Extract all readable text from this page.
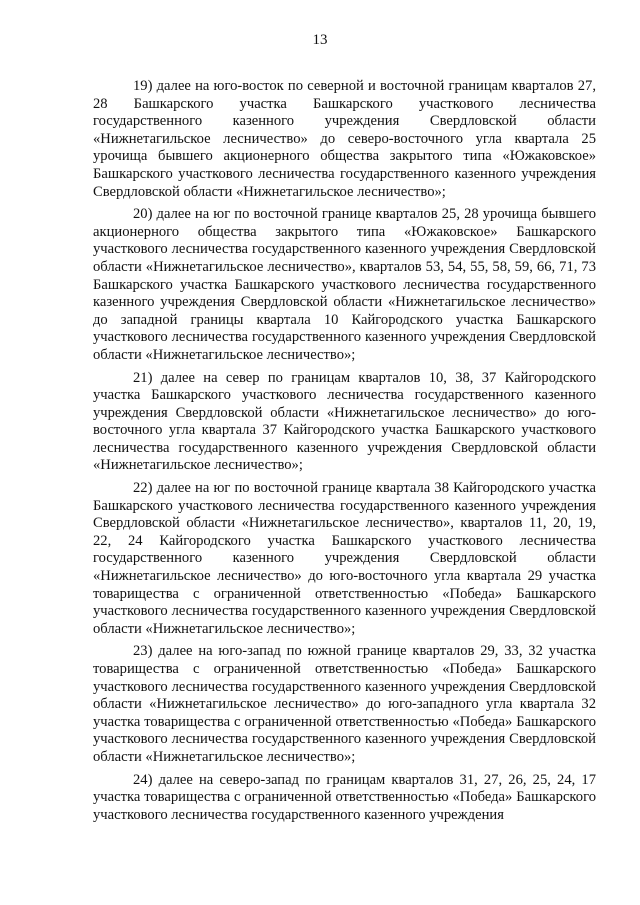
13

19) далее на юго-восток по северной и восточной границам кварталов 27, 28 Башкарского участка Башкарского участкового лесничества государственного казенного учреждения Свердловской области «Нижнетагильское лесничество» до северо-восточного угла квартала 25 урочища бывшего акционерного общества закрытого типа «Южаковское» Башкарского участкового лесничества государственного казенного учреждения Свердловской области «Нижнетагильское лесничество»;

20) далее на юг по восточной границе кварталов 25, 28 урочища бывшего акционерного общества закрытого типа «Южаковское» Башкарского участкового лесничества государственного казенного учреждения Свердловской области «Нижнетагильское лесничество», кварталов 53, 54, 55, 58, 59, 66, 71, 73 Башкарского участка Башкарского участкового лесничества государственного казенного учреждения Свердловской области «Нижнетагильское лесничество» до западной границы квартала 10 Кайгородского участка Башкарского участкового лесничества государственного казенного учреждения Свердловской области «Нижнетагильское лесничество»;

21) далее на север по границам кварталов 10, 38, 37 Кайгородского участка Башкарского участкового лесничества государственного казенного учреждения Свердловской области «Нижнетагильское лесничество» до юго-восточного угла квартала 37 Кайгородского участка Башкарского участкового лесничества государственного казенного учреждения Свердловской области «Нижнетагильское лесничество»;

22) далее на юг по восточной границе квартала 38 Кайгородского участка Башкарского участкового лесничества государственного казенного учреждения Свердловской области «Нижнетагильское лесничество», кварталов 11, 20, 19, 22, 24 Кайгородского участка Башкарского участкового лесничества государственного казенного учреждения Свердловской области «Нижнетагильское лесничество» до юго-восточного угла квартала 29 участка товарищества с ограниченной ответственностью «Победа» Башкарского участкового лесничества государственного казенного учреждения Свердловской области «Нижнетагильское лесничество»;

23) далее на юго-запад по южной границе кварталов 29, 33, 32 участка товарищества с ограниченной ответственностью «Победа» Башкарского участкового лесничества государственного казенного учреждения Свердловской области «Нижнетагильское лесничество» до юго-западного угла квартала 32 участка товарищества с ограниченной ответственностью «Победа» Башкарского участкового лесничества государственного казенного учреждения Свердловской области «Нижнетагильское лесничество»;

24) далее на северо-запад по границам кварталов 31, 27, 26, 25, 24, 17 участка товарищества с ограниченной ответственностью «Победа» Башкарского участкового лесничества государственного казенного учреждения
